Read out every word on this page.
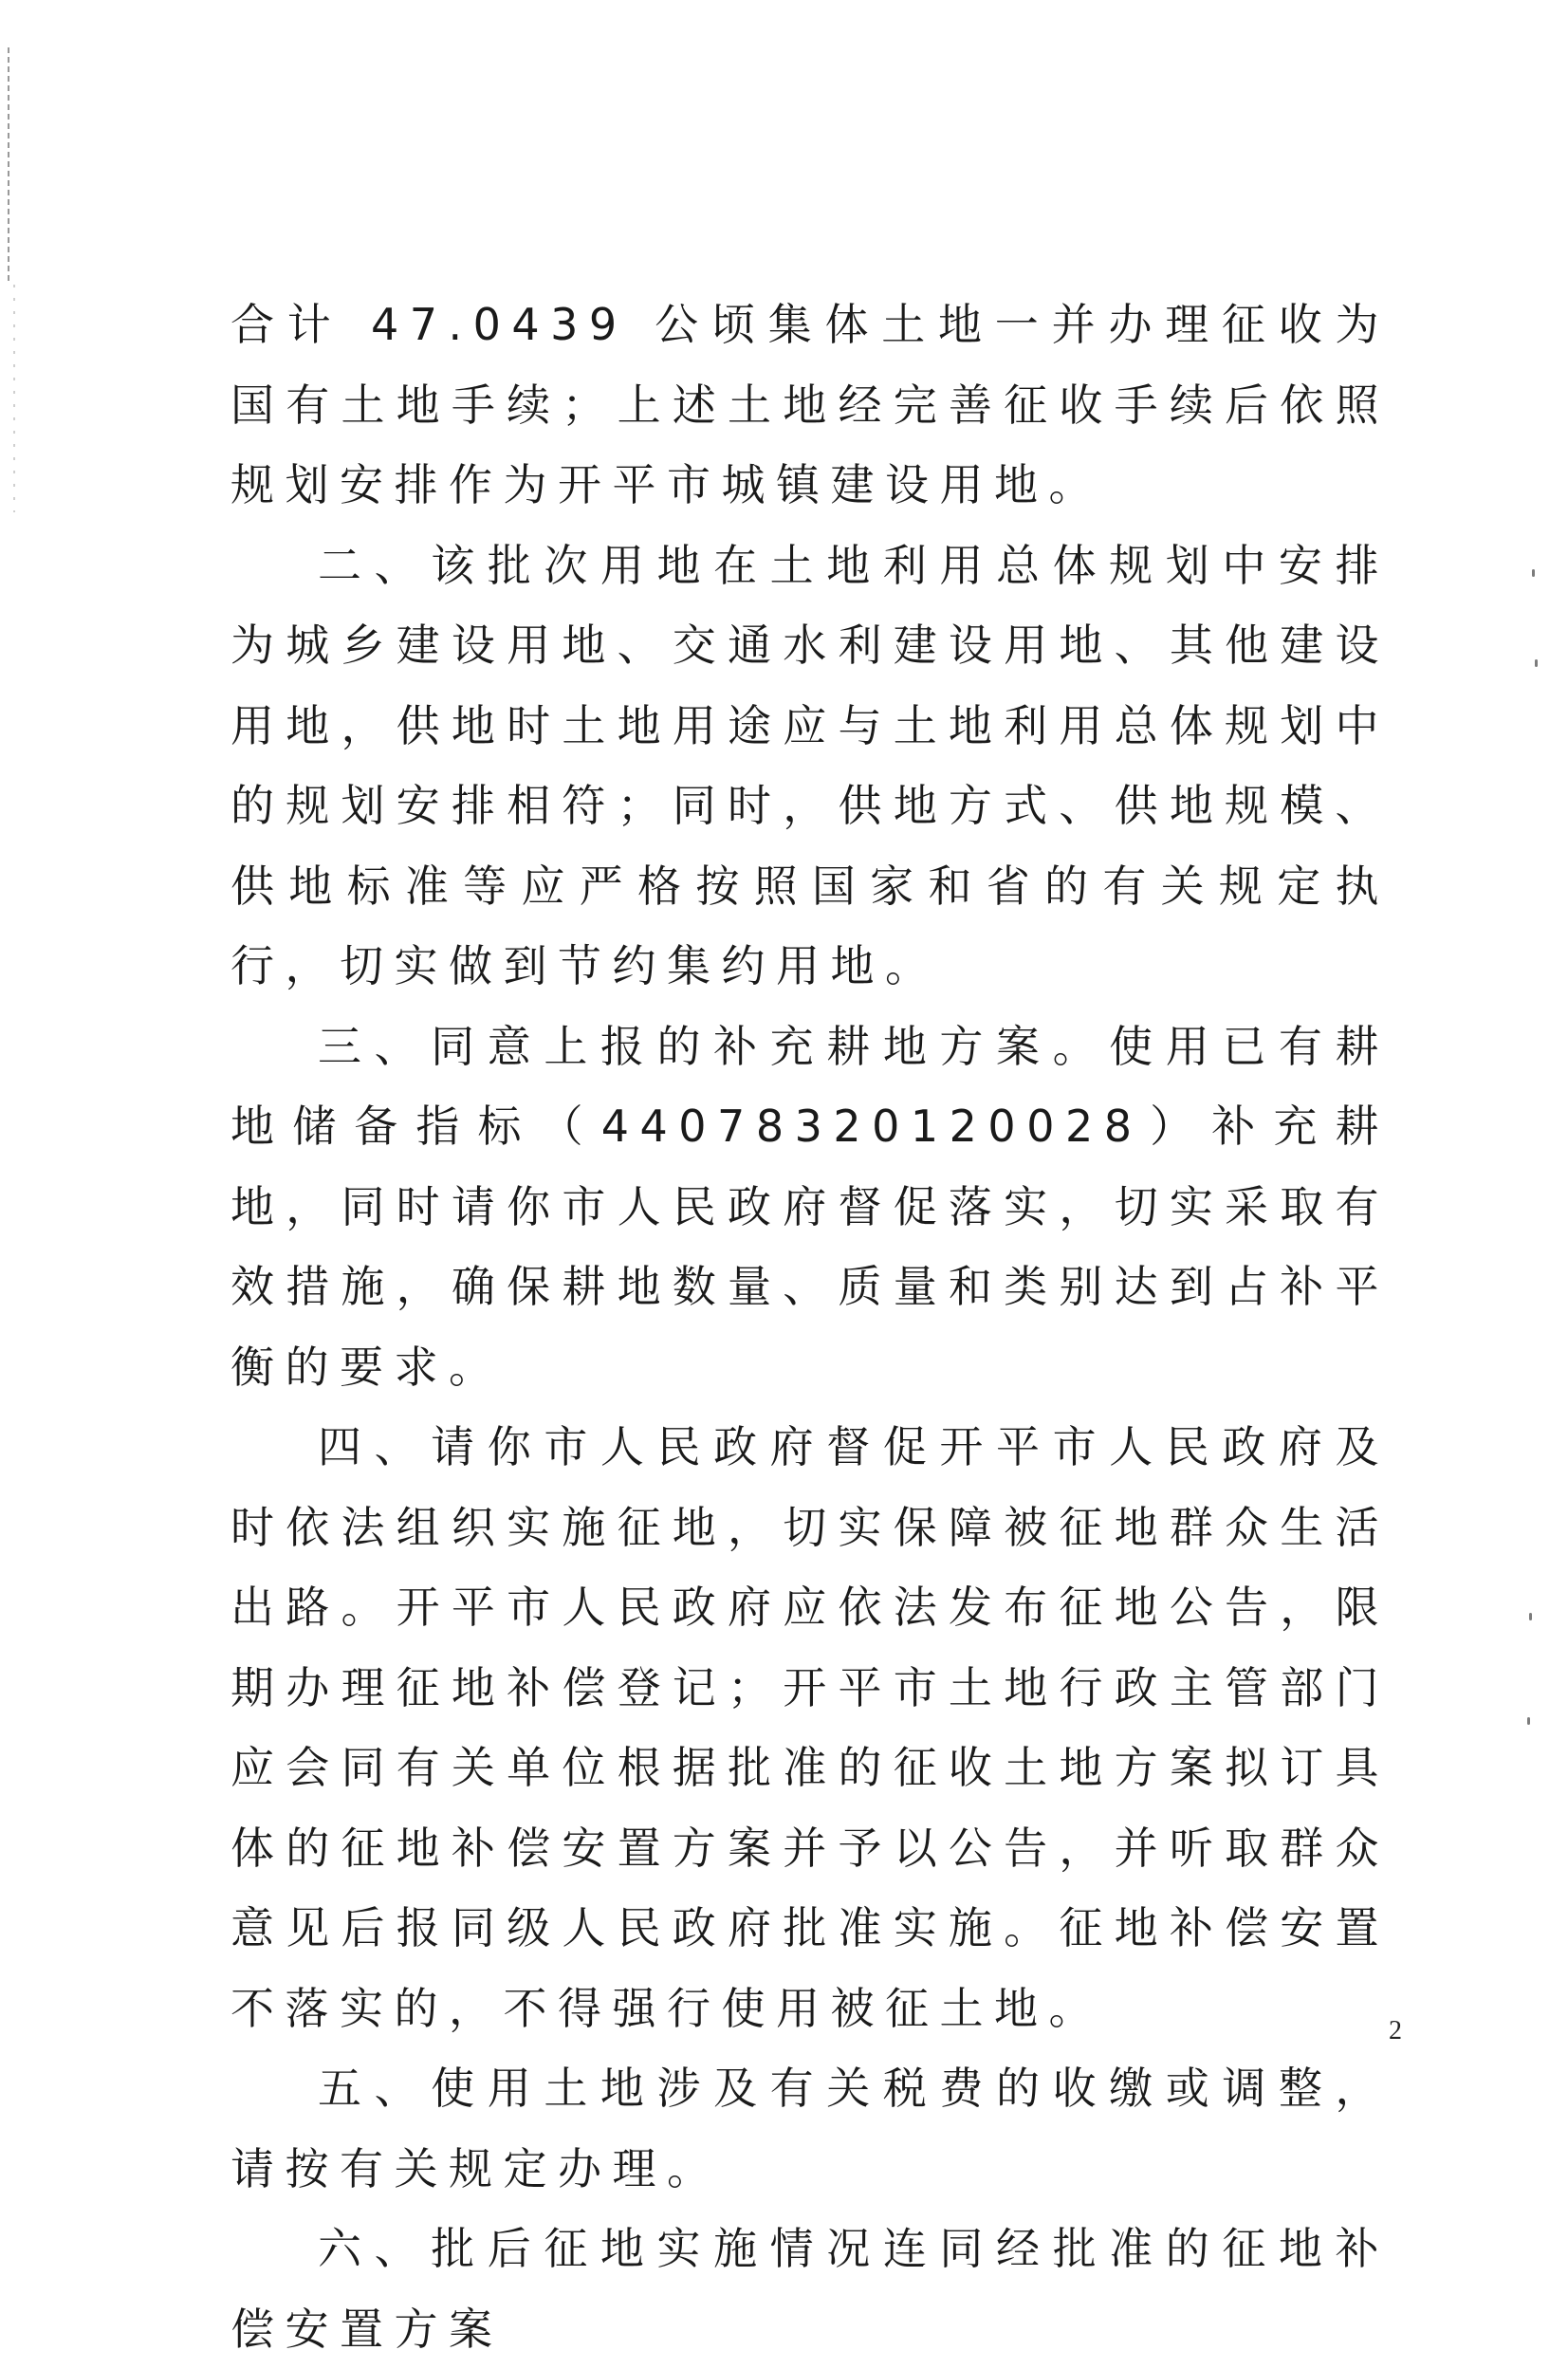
合计 47.0439 公顷集体土地一并办理征收为国有土地手续；上述土地经完善征收手续后依照规划安排作为开平市城镇建设用地。

二、该批次用地在土地利用总体规划中安排为城乡建设用地、交通水利建设用地、其他建设用地，供地时土地用途应与土地利用总体规划中的规划安排相符；同时，供地方式、供地规模、供地标准等应严格按照国家和省的有关规定执行，切实做到节约集约用地。

三、同意上报的补充耕地方案。使用已有耕地储备指标（44078320120028）补充耕地，同时请你市人民政府督促落实，切实采取有效措施，确保耕地数量、质量和类别达到占补平衡的要求。

四、请你市人民政府督促开平市人民政府及时依法组织实施征地，切实保障被征地群众生活出路。开平市人民政府应依法发布征地公告，限期办理征地补偿登记；开平市土地行政主管部门应会同有关单位根据批准的征收土地方案拟订具体的征地补偿安置方案并予以公告，并听取群众意见后报同级人民政府批准实施。征地补偿安置不落实的，不得强行使用被征土地。

五、使用土地涉及有关税费的收缴或调整，请按有关规定办理。

六、批后征地实施情况连同经批准的征地补偿安置方案

2
